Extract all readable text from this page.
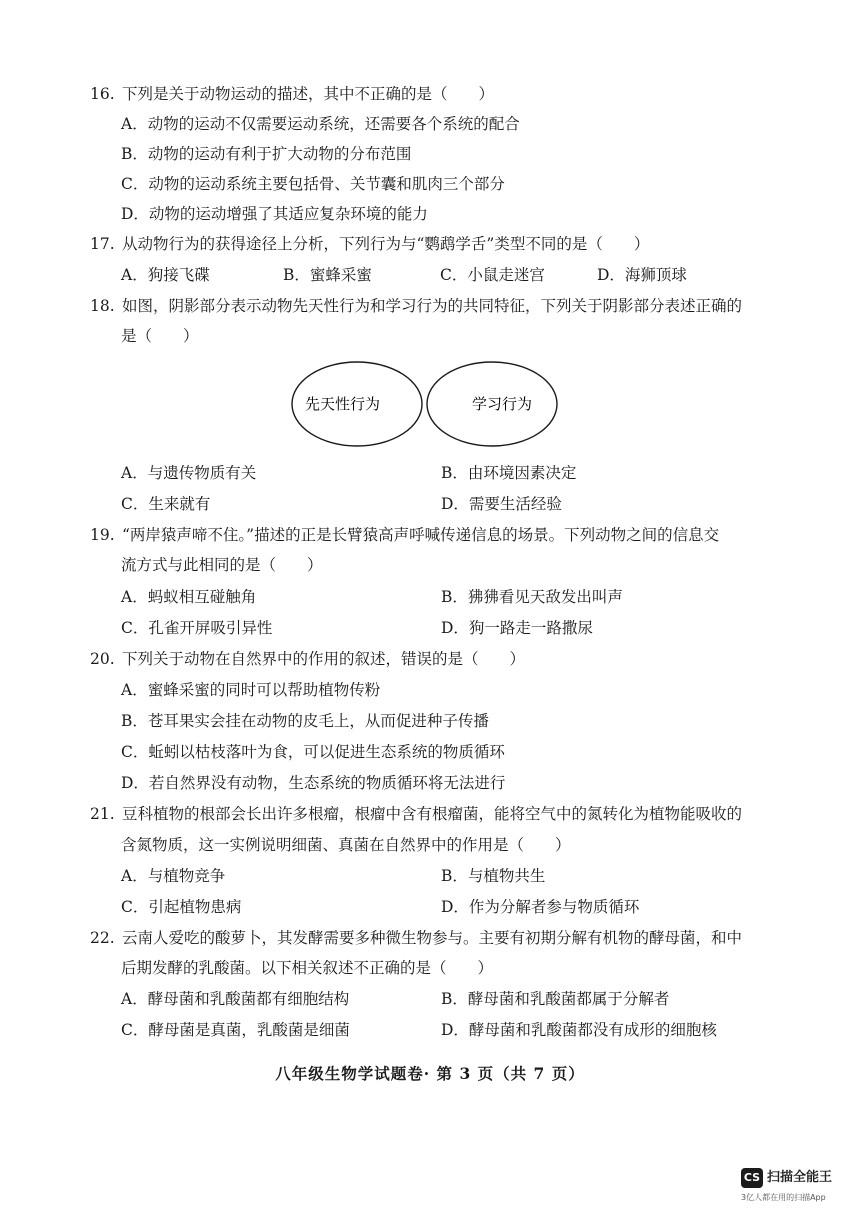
16. 下列是关于动物运动的描述，其中不正确的是（　　）
A．动物的运动不仅需要运动系统，还需要各个系统的配合
B．动物的运动有利于扩大动物的分布范围
C．动物的运动系统主要包括骨、关节囊和肌肉三个部分
D．动物的运动增强了其适应复杂环境的能力
17. 从动物行为的获得途径上分析，下列行为与“鹦鹉学舌”类型不同的是（　　）
A．狗接飞碟	B．蜜蜂采蜜	C．小鼠走迷宫	D．海狮顶球
18. 如图，阴影部分表示动物先天性行为和学习行为的共同特征，下列关于阴影部分表述正确的
是（　　）
先天性行为	学习行为
A．与遗传物质有关	B．由环境因素决定
C．生来就有	D．需要生活经验
19. “两岸猿声啼不住。”描述的正是长臂猿高声呼喊传递信息的场景。下列动物之间的信息交
流方式与此相同的是（　　）
A．蚂蚁相互碰触角	B．狒狒看见天敌发出叫声
C．孔雀开屏吸引异性	D．狗一路走一路撒尿
20. 下列关于动物在自然界中的作用的叙述，错误的是（　　）
A．蜜蜂采蜜的同时可以帮助植物传粉
B．苍耳果实会挂在动物的皮毛上，从而促进种子传播
C．蚯蚓以枯枝落叶为食，可以促进生态系统的物质循环
D．若自然界没有动物，生态系统的物质循环将无法进行
21. 豆科植物的根部会长出许多根瘤，根瘤中含有根瘤菌，能将空气中的氮转化为植物能吸收的
含氮物质，这一实例说明细菌、真菌在自然界中的作用是（　　）
A．与植物竞争	B．与植物共生
C．引起植物患病	D．作为分解者参与物质循环
22. 云南人爱吃的酸萝卜，其发酵需要多种微生物参与。主要有初期分解有机物的酵母菌，和中
后期发酵的乳酸菌。以下相关叙述不正确的是（　　）
A．酵母菌和乳酸菌都有细胞结构	B．酵母菌和乳酸菌都属于分解者
C．酵母菌是真菌，乳酸菌是细菌	D．酵母菌和乳酸菌都没有成形的细胞核
八年级生物学试题卷· 第 3 页（共 7 页）
CS 扫描全能王
3亿人都在用的扫描App
